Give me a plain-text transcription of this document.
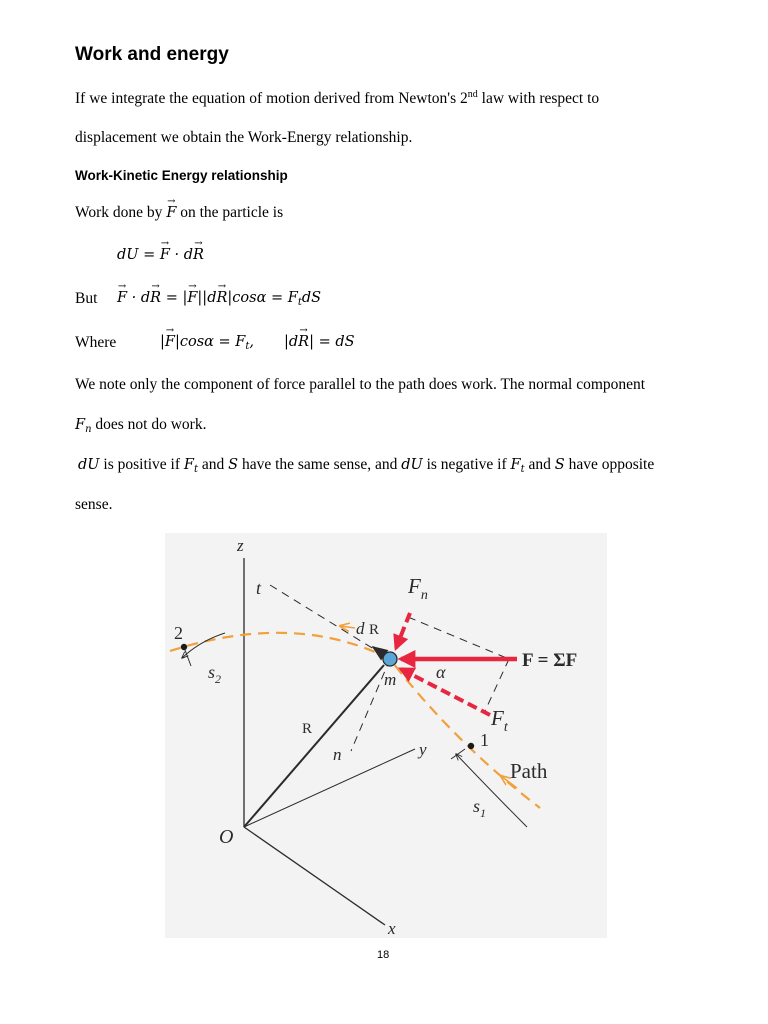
Work and energy
If we integrate the equation of motion derived from Newton's 2nd law with respect to
displacement we obtain the Work-Energy relationship.
Work-Kinetic Energy relationship
Work done by → F on the particle is
dU = → F · d→ R
But
→ F · d→ R = |→ $F||d\to R|\cos\alpha = F_tdS$
Where	|→ $F|\cos\alpha = F_t$, |d→ R| = dS
We note only the component of force parallel to the path does work. The normal component
Fn does not do work.
dU is positive if Ft and S have the same sense, and dU is negative if Ft and S have opposite
sense.
z
t
2
$s_2$
d R
$F_n$
F = ΣF
m α
$F_t$
R
n	y	1
Path
$s_1$
O
x
18
